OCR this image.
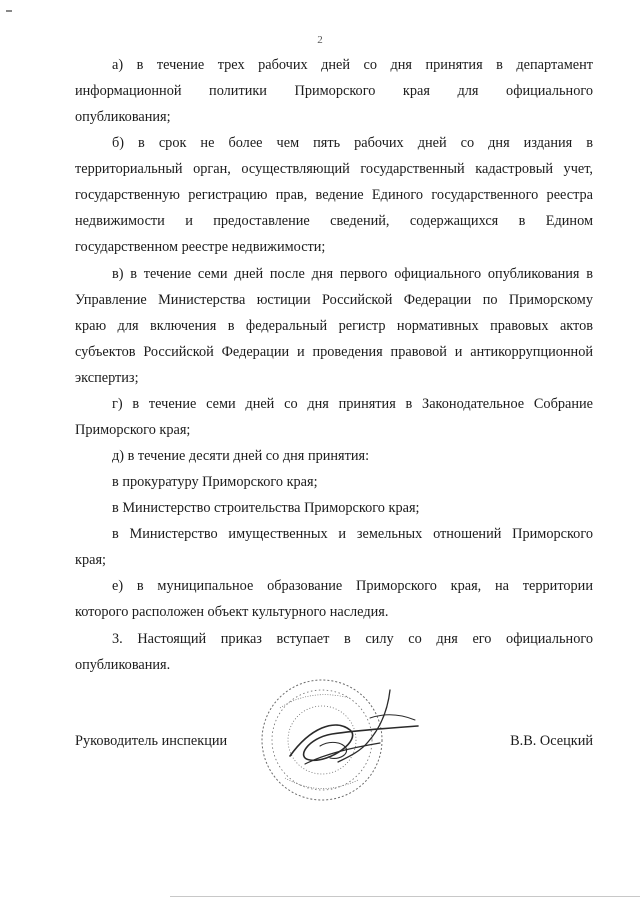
2
а) в течение трех рабочих дней со дня принятия в департамент
информационной политики Приморского края для официального
опубликования;
б) в срок не более чем пять рабочих дней со дня издания в
территориальный орган, осуществляющий государственный кадастровый учет,
государственную регистрацию прав, ведение Единого государственного реестра
недвижимости и предоставление сведений, содержащихся в Едином
государственном реестре недвижимости;
в) в течение семи дней после дня первого официального опубликования в
Управление Министерства юстиции Российской Федерации по Приморскому
краю для включения в федеральный регистр нормативных правовых актов
субъектов Российской Федерации и проведения правовой и антикоррупционной
экспертиз;
г) в течение семи дней со дня принятия в Законодательное Собрание
Приморского края;
д) в течение десяти дней со дня принятия:
в прокуратуру Приморского края;
в Министерство строительства Приморского края;
в Министерство имущественных и земельных отношений Приморского
края;
е) в муниципальное образование Приморского края, на территории
которого расположен объект культурного наследия.
3. Настоящий приказ вступает в силу со дня его официального
опубликования.
Руководитель инспекции	В.В. Осецкий
